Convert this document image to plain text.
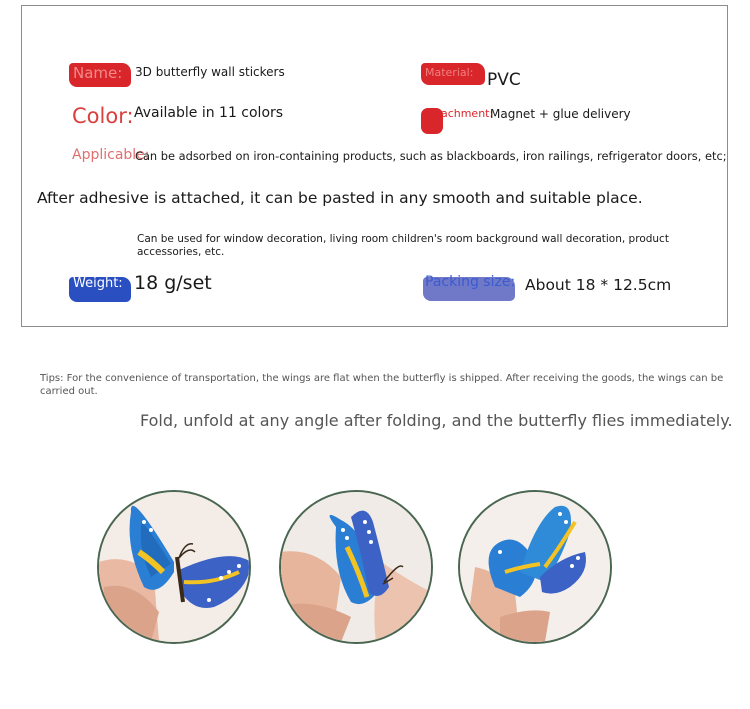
Name: 3D butterfly wall stickers	Material: PVC
Color: Available in 11 colors	Attachment:
Magnet + glue delivery
Applicable:
Can be adsorbed on iron-containing products, such as blackboards, iron railings, refrigerator doors, etc;
After adhesive is attached, it can be pasted in any smooth and suitable place.
Can be used for window decoration, living room children's room background wall decoration, product accessories, etc.
Weight: 18 g/set	Packing size: About 18 * 12.5cm
Tips: For the convenience of transportation, the wings are flat when the butterfly is shipped. After receiving the goods, the wings can be carried out.
Fold, unfold at any angle after folding, and the butterfly flies immediately.
